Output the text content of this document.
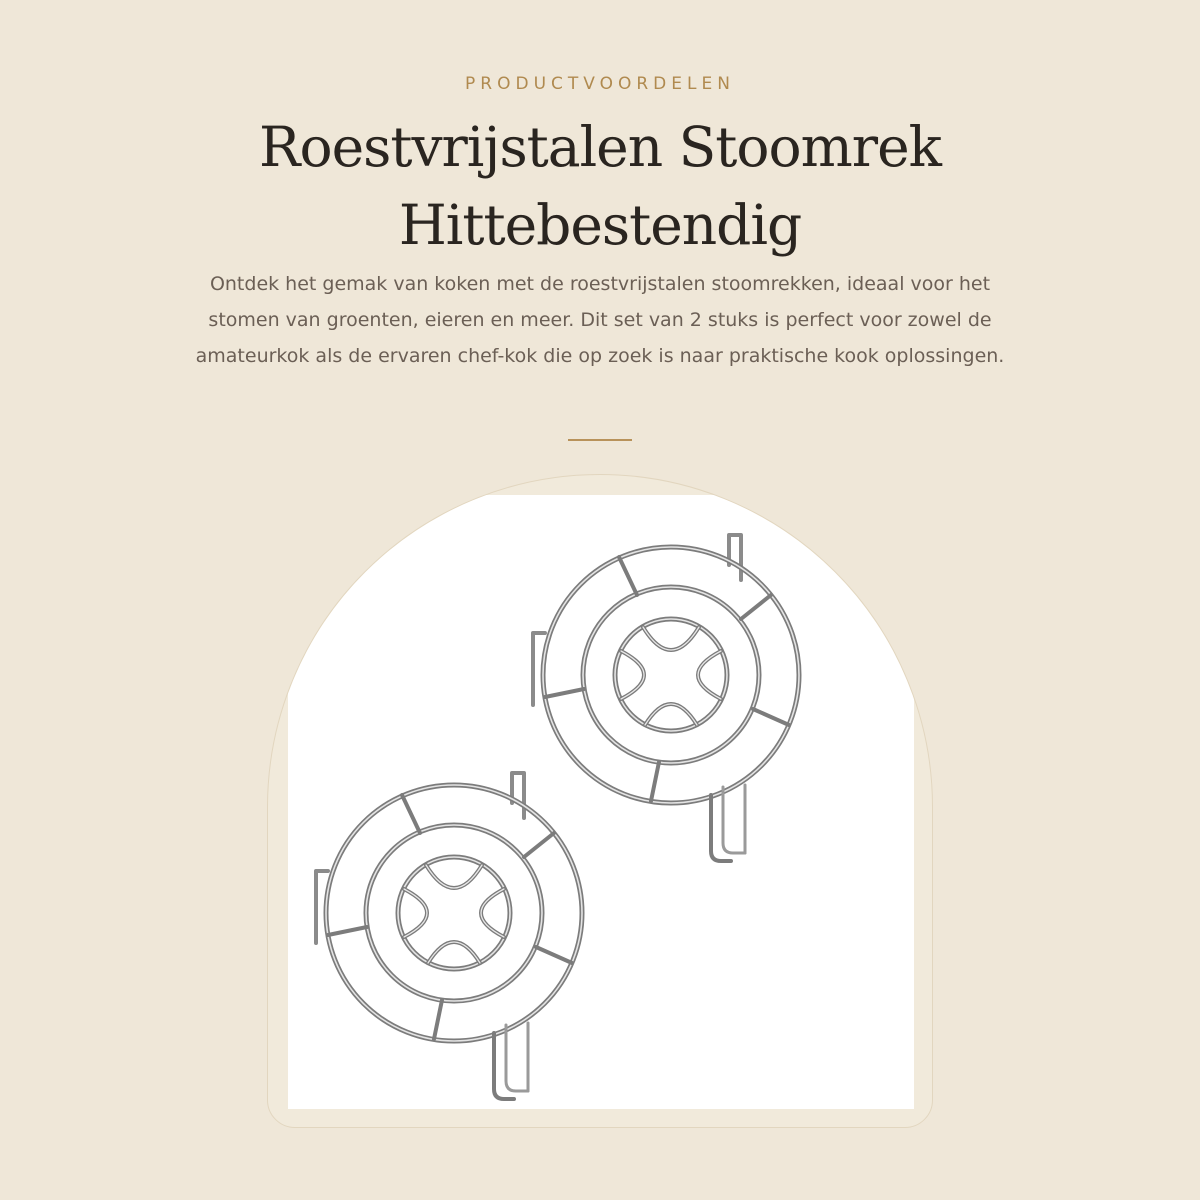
PRODUCTVOORDELEN
Roestvrijstalen Stoomrek Hittebestendig

Ontdek het gemak van koken met de roestvrijstalen stoomrekken, ideaal voor het stomen van groenten, eieren en meer. Dit set van 2 stuks is perfect voor zowel de amateurkok als de ervaren chef-kok die op zoek is naar praktische kook oplossingen.
